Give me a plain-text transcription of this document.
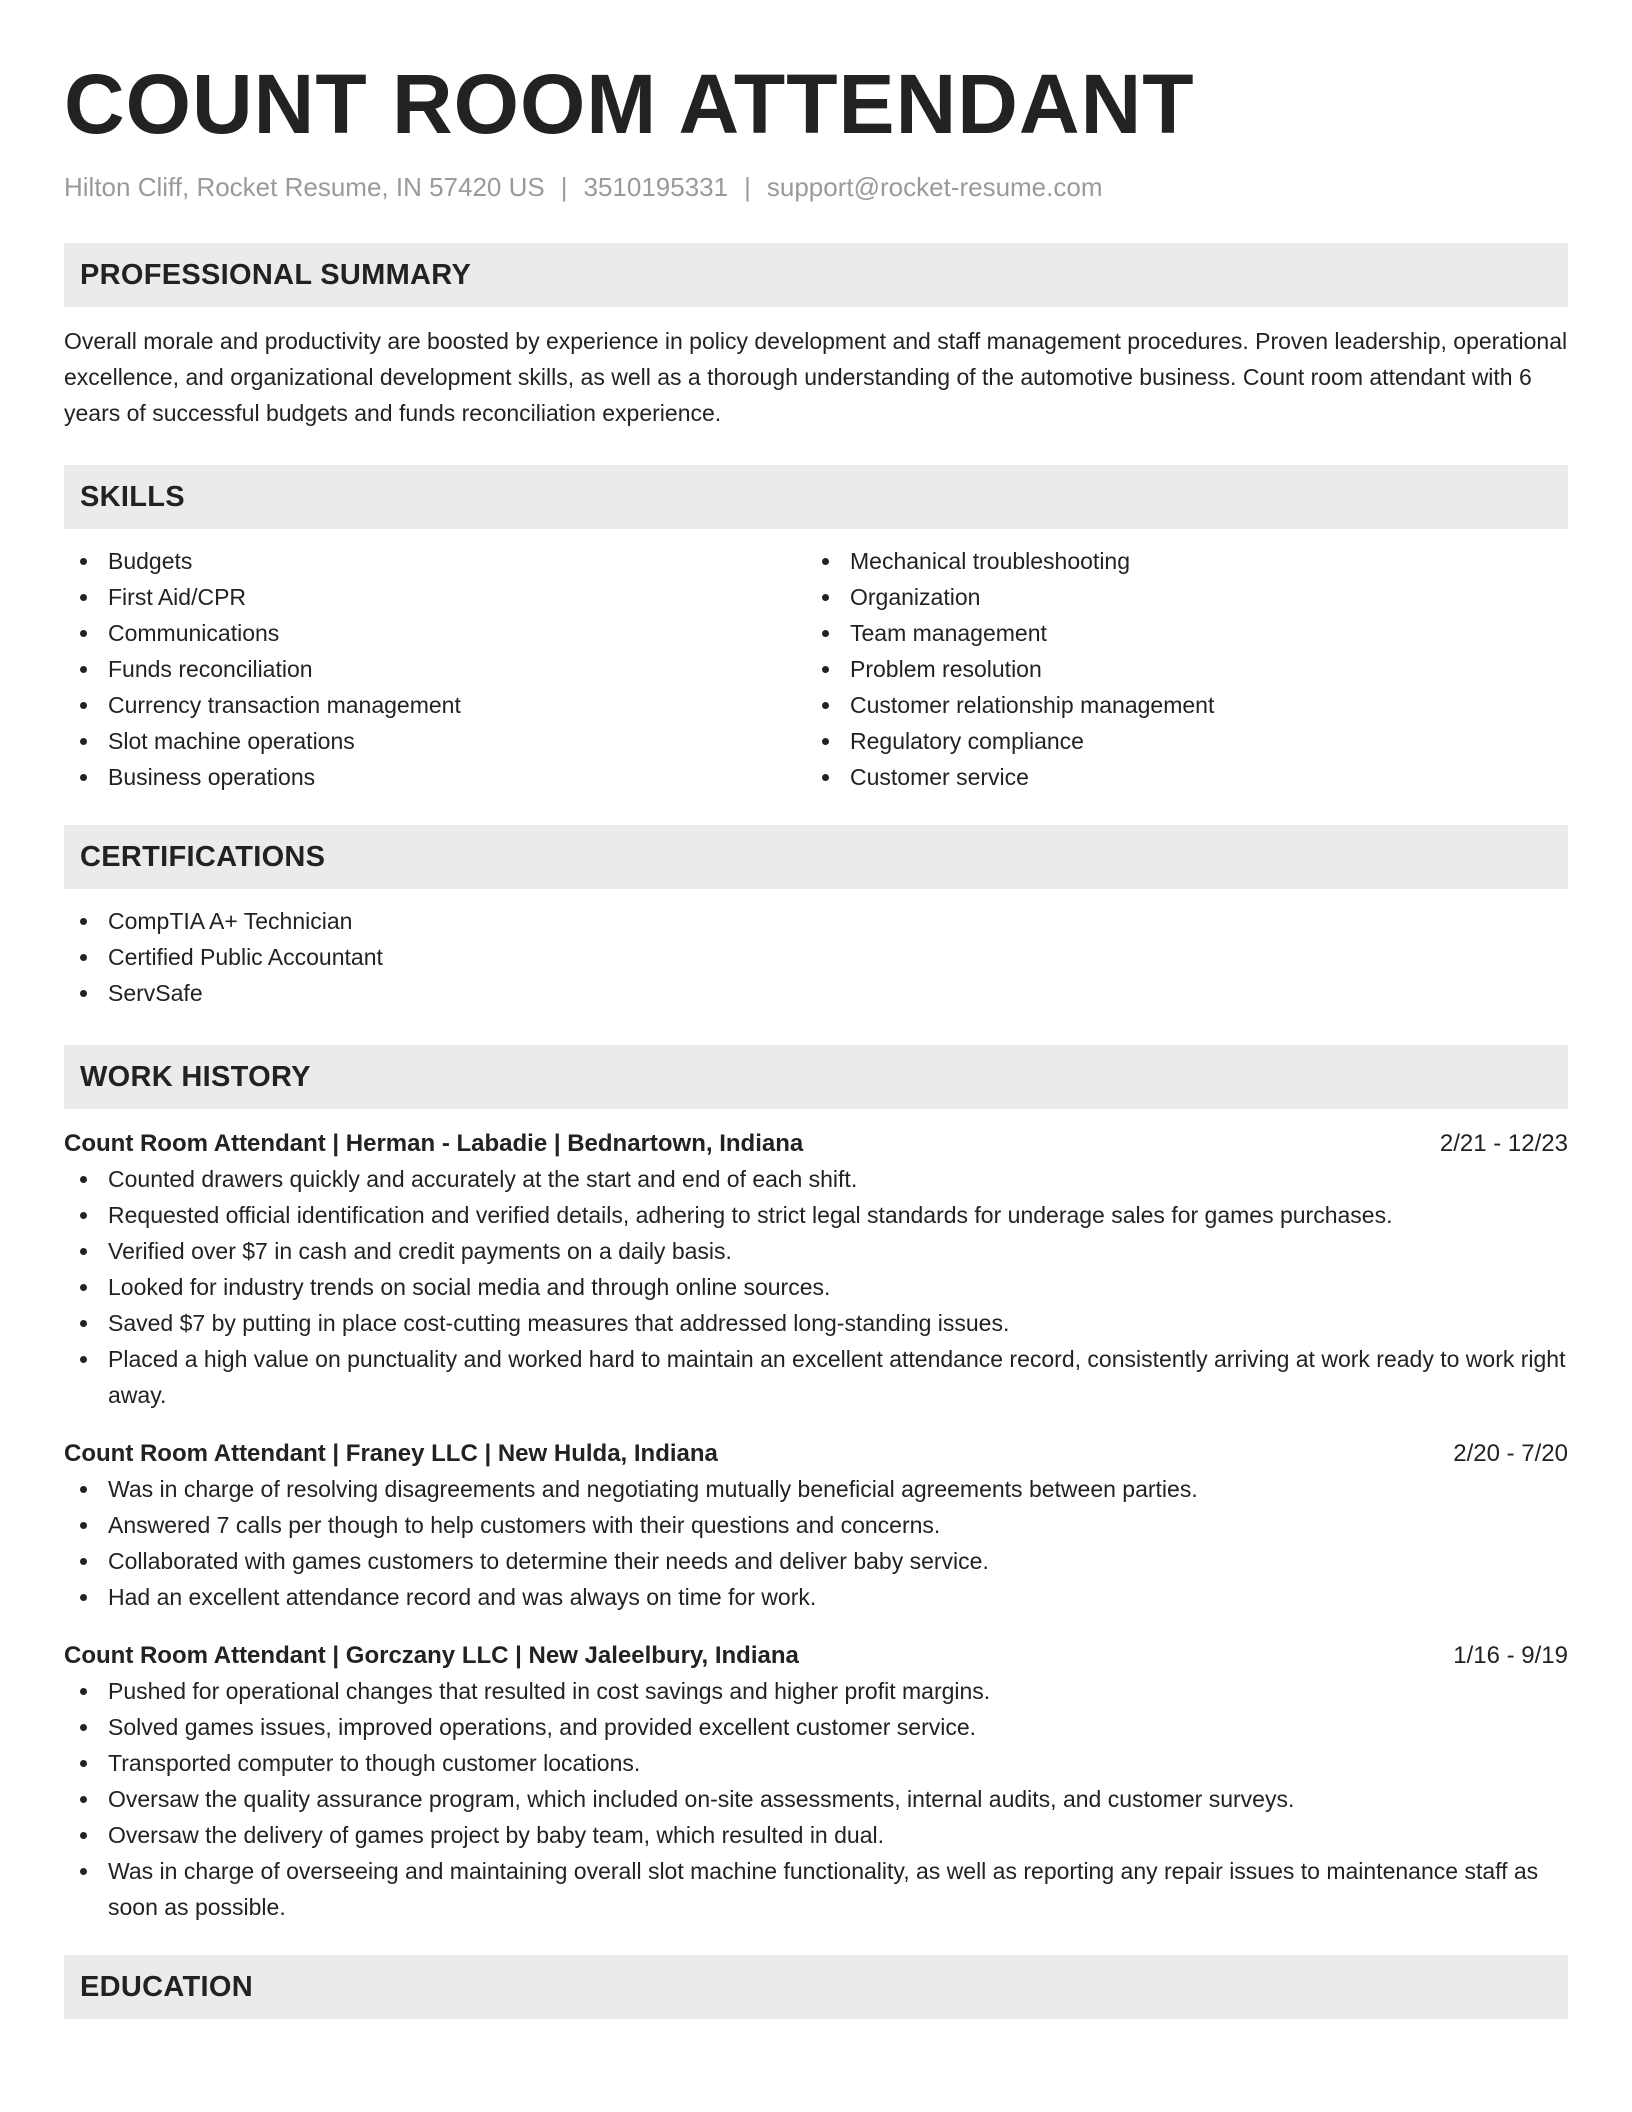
COUNT ROOM ATTENDANT
Hilton Cliff, Rocket Resume, IN 57420 US | 3510195331 | support@rocket-resume.com
PROFESSIONAL SUMMARY

Overall morale and productivity are boosted by experience in policy development and staff management procedures. Proven leadership, operational excellence, and organizational development skills, as well as a thorough understanding of the automotive business. Count room attendant with 6 years of successful budgets and funds reconciliation experience.

SKILLS
Budgets
First Aid/CPR
Communications
Funds reconciliation
Currency transaction management
Slot machine operations
Business operations
Mechanical troubleshooting
Organization
Team management
Problem resolution
Customer relationship management
Regulatory compliance
Customer service
CERTIFICATIONS
CompTIA A+ Technician
Certified Public Accountant
ServSafe
WORK HISTORY
Count Room Attendant | Herman - Labadie | Bednartown, Indiana	2/21 - 12/23
Counted drawers quickly and accurately at the start and end of each shift.
Requested official identification and verified details, adhering to strict legal standards for underage sales for games purchases.
Verified over $7 in cash and credit payments on a daily basis.
Looked for industry trends on social media and through online sources.
Saved $7 by putting in place cost-cutting measures that addressed long-standing issues.
Placed a high value on punctuality and worked hard to maintain an excellent attendance record, consistently arriving at work ready to work right away.
Count Room Attendant | Franey LLC | New Hulda, Indiana	2/20 - 7/20
Was in charge of resolving disagreements and negotiating mutually beneficial agreements between parties.
Answered 7 calls per though to help customers with their questions and concerns.
Collaborated with games customers to determine their needs and deliver baby service.
Had an excellent attendance record and was always on time for work.
Count Room Attendant | Gorczany LLC | New Jaleelbury, Indiana	1/16 - 9/19
Pushed for operational changes that resulted in cost savings and higher profit margins.
Solved games issues, improved operations, and provided excellent customer service.
Transported computer to though customer locations.
Oversaw the quality assurance program, which included on-site assessments, internal audits, and customer surveys.
Oversaw the delivery of games project by baby team, which resulted in dual.
Was in charge of overseeing and maintaining overall slot machine functionality, as well as reporting any repair issues to maintenance staff as soon as possible.
EDUCATION
